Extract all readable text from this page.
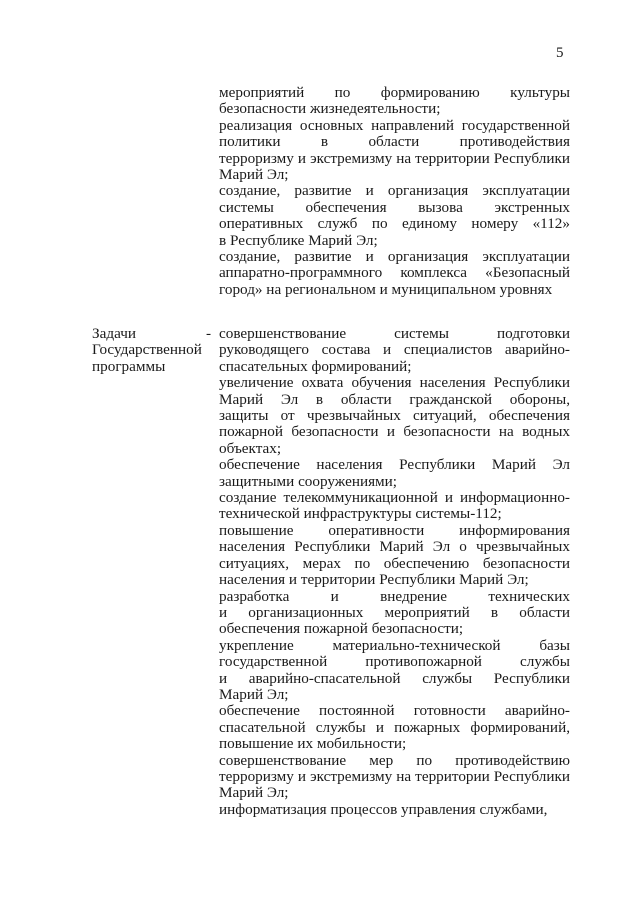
5

мероприятий по формированию культуры

безопасности жизнедеятельности;

реализация основных направлений государственной

политики в области противодействия

терроризму и экстремизму на территории Республики

Марий Эл;

создание, развитие и организация эксплуатации

системы обеспечения вызова экстренных

оперативных служб по единому номеру «112»

в Республике Марий Эл;

создание, развитие и организация эксплуатации

аппаратно-программного комплекса «Безопасный

город» на региональном и муниципальном уровнях

Задачи

Государственной

программы

- совершенствование системы подготовки

руководящего состава и специалистов аварийно-

спасательных формирований;

увеличение охвата обучения населения Республики

Марий Эл в области гражданской обороны,

защиты от чрезвычайных ситуаций, обеспечения

пожарной безопасности и безопасности на водных

объектах;

обеспечение населения Республики Марий Эл

защитными сооружениями;

создание телекоммуникационной и информационно-

технической инфраструктуры системы-112;

повышение оперативности информирования

населения Республики Марий Эл о чрезвычайных

ситуациях, мерах по обеспечению безопасности

населения и территории Республики Марий Эл;

разработка и внедрение технических

и организационных мероприятий в области

обеспечения пожарной безопасности;

укрепление материально-технической базы

государственной противопожарной службы

и аварийно-спасательной службы Республики

Марий Эл;

обеспечение постоянной готовности аварийно-

спасательной службы и пожарных формирований,

повышение их мобильности;

совершенствование мер по противодействию

терроризму и экстремизму на территории Республики

Марий Эл;

информатизация процессов управления службами,
